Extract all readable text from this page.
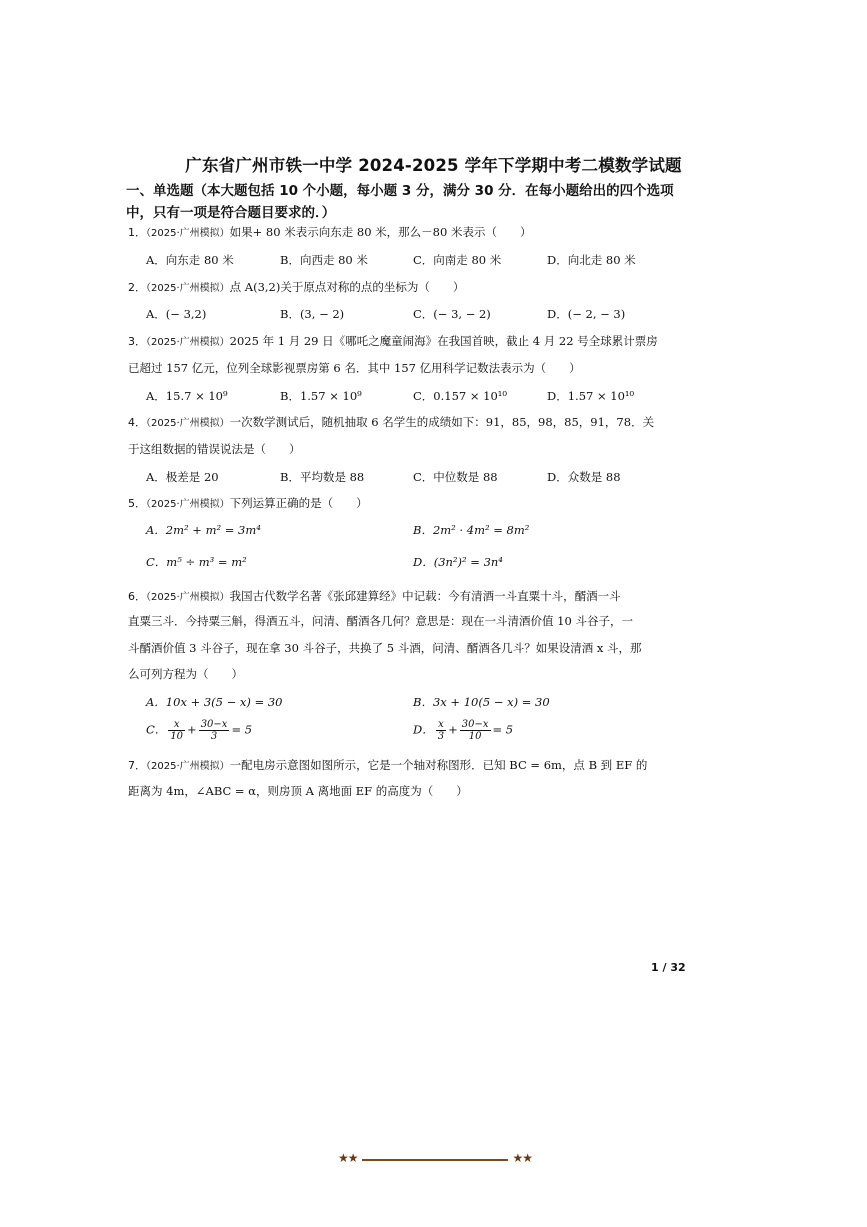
广东省广州市铁一中学 2024-2025 学年下学期中考二模数学试题
一、单选题（本大题包括 10 个小题，每小题 3 分，满分 30 分．在每小题给出的四个选项中，只有一项是符合题目要求的．）
1．（2025·广州模拟）如果+ 80 米表示向东走 80 米，那么－80 米表示（　　）
A．向东走 80 米	B．向西走 80 米	C．向南走 80 米	D．向北走 80 米
2．（2025·广州模拟）点 A(3,2)关于原点对称的点的坐标为（　　）
A．(− 3,2)	B．(3, − 2)	C．(− 3, − 2)	D．(− 2, − 3)
3．（2025·广州模拟）2025 年 1 月 29 日《哪吒之魔童闹海》在我国首映，截止 4 月 22 号全球累计票房
已超过 157 亿元，位列全球影视票房第 6 名．其中 157 亿用科学记数法表示为（　　）
A．15.7 × 10⁹	B．1.57 × 10⁹	C．0.157 × 10¹⁰	D．1.57 × 10¹⁰
4．（2025·广州模拟）一次数学测试后，随机抽取 6 名学生的成绩如下：91，85，98，85，91，78．关
于这组数据的错误说法是（　　）
A．极差是 20	B．平均数是 88	C．中位数是 88	D．众数是 88
5．（2025·广州模拟）下列运算正确的是（　　）
A．2m² + m² = 3m⁴	B．2m² · 4m² = 8m²
C．m⁵ ÷ m³ = m²	D．(3n²)² = 3n⁴
6．（2025·广州模拟）我国古代数学名著《张邱建算经》中记载：今有清酒一斗直粟十斗，醑酒一斗
直粟三斗．今持粟三斛，得酒五斗，问清、醑酒各几何？意思是：现在一斗清酒价值 10 斗谷子，一
斗醑酒价值 3 斗谷子，现在拿 30 斗谷子，共换了 5 斗酒，问清、醑酒各几斗？如果设清酒 x 斗，那
么可列方程为（　　）
A．10x + 3(5 − x) = 30	B．3x + 10(5 − x) = 30
C． $\frac{x}{10} + \frac{30-x}{3} = 5$	D． $\frac{x}{3} + \frac{30-x}{10} = 5$
7．（2025·广州模拟）一配电房示意图如图所示，它是一个轴对称图形．已知 BC = 6m，点 B 到 EF 的
距离为 4m，∠ABC = α，则房顶 A 离地面 EF 的高度为（　　）
1 / 32
★★	★★
